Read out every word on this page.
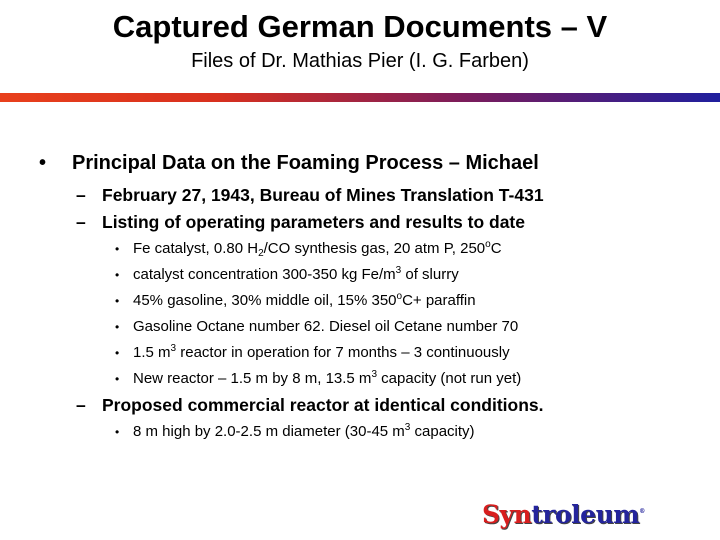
Captured German Documents – V
Files of Dr. Mathias Pier (I. G. Farben)
• Principal Data on the Foaming Process – Michael
– February 27, 1943, Bureau of Mines Translation T-431
– Listing of operating parameters and results to date
• Fe catalyst, 0.80 $H_2/CO$ synthesis gas, 20 atm P, 250$^o$C
• catalyst concentration 300-350 kg $Fe/m^3$ of slurry
• 45% gasoline, 30% middle oil, 15% $350^oC+$ paraffin
• Gasoline Octane number 62. Diesel oil Cetane number 70
• 1.5 $m^3$ reactor in operation for 7 months – 3 continuously
• New reactor – 1.5 m by 8 m, 13.5 $m^3$ capacity (not run yet)
– Proposed commercial reactor at identical conditions.
• 8 m high by 2.0-2.5 m diameter (30-45 $m^3$ capacity)
Syntroleum®
